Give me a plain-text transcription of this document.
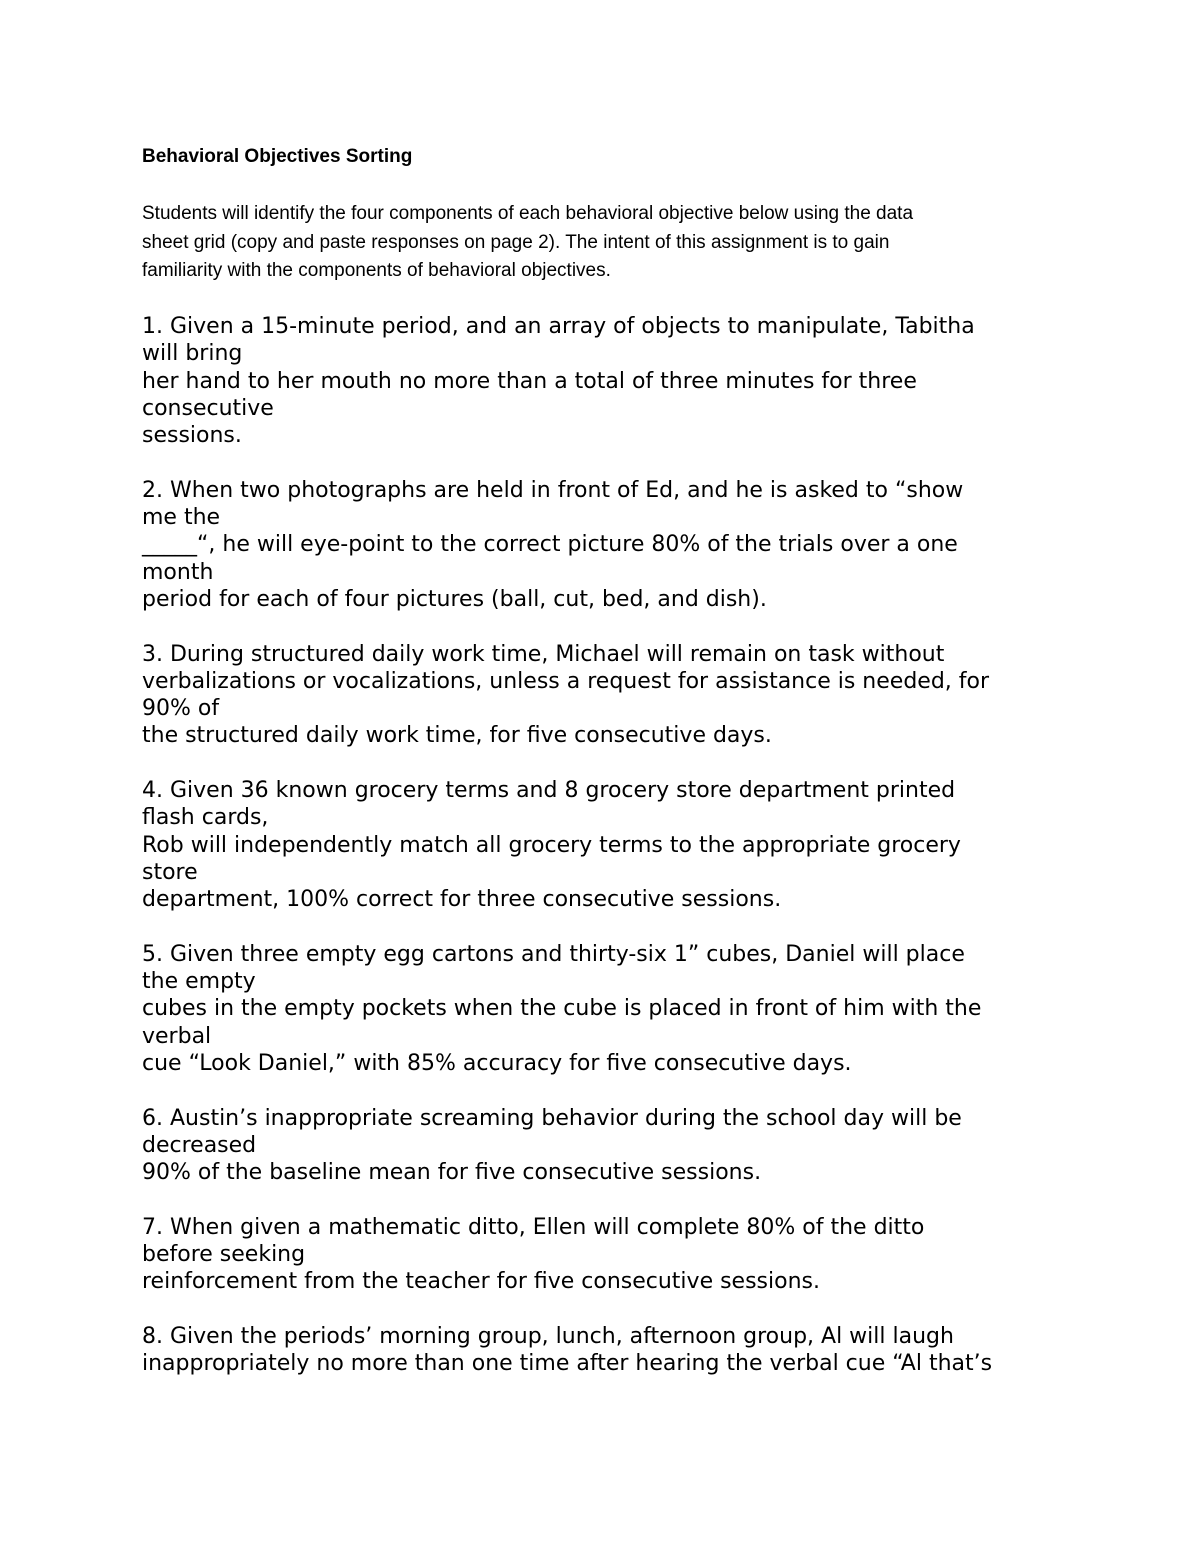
Behavioral Objectives Sorting

Students will identify the four components of each behavioral objective below using the data
sheet grid (copy and paste responses on page 2). The intent of this assignment is to gain
familiarity with the components of behavioral objectives.

1. Given a 15-minute period, and an array of objects to manipulate, Tabitha
will bring
her hand to her mouth no more than a total of three minutes for three
consecutive
sessions.
2. When two photographs are held in front of Ed, and he is asked to “show
me the
_____“, he will eye-point to the correct picture 80% of the trials over a one
month
period for each of four pictures (ball, cut, bed, and dish).
3. During structured daily work time, Michael will remain on task without
verbalizations or vocalizations, unless a request for assistance is needed, for
90% of
the structured daily work time, for five consecutive days.
4. Given 36 known grocery terms and 8 grocery store department printed
flash cards,
Rob will independently match all grocery terms to the appropriate grocery
store
department, 100% correct for three consecutive sessions.
5. Given three empty egg cartons and thirty-six 1” cubes, Daniel will place
the empty
cubes in the empty pockets when the cube is placed in front of him with the
verbal
cue “Look Daniel,” with 85% accuracy for five consecutive days.
6. Austin’s inappropriate screaming behavior during the school day will be
decreased
90% of the baseline mean for five consecutive sessions.
7. When given a mathematic ditto, Ellen will complete 80% of the ditto
before seeking
reinforcement from the teacher for five consecutive sessions.
8. Given the periods’ morning group, lunch, afternoon group, Al will laugh
inappropriately no more than one time after hearing the verbal cue “Al that’s
